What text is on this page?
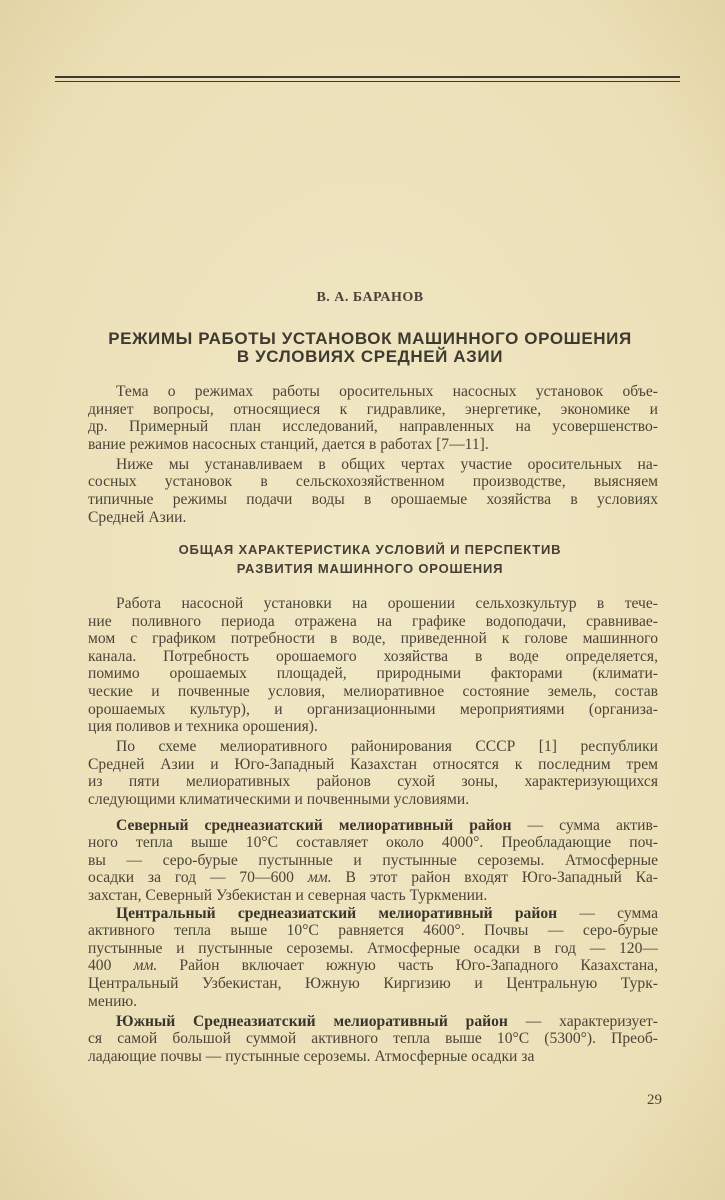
В. А. БАРАНОВ
РЕЖИМЫ РАБОТЫ УСТАНОВОК МАШИННОГО ОРОШЕНИЯ
В УСЛОВИЯХ СРЕДНЕЙ АЗИИ
Тема о режимах работы оросительных насосных установок объе-
диняет вопросы, относящиеся к гидравлике, энергетике, экономике и
др. Примерный план исследований, направленных на усовершенство-
вание режимов насосных станций, дается в работах [7—11].
Ниже мы устанавливаем в общих чертах участие оросительных на-
сосных установок в сельскохозяйственном производстве, выясняем
типичные режимы подачи воды в орошаемые хозяйства в условиях
Средней Азии.
ОБЩАЯ ХАРАКТЕРИСТИКА УСЛОВИЙ И ПЕРСПЕКТИВ
РАЗВИТИЯ МАШИННОГО ОРОШЕНИЯ
Работа насосной установки на орошении сельхозкультур в тече-
ние поливного периода отражена на графике водоподачи, сравнивае-
мом с графиком потребности в воде, приведенной к голове машинного
канала. Потребность орошаемого хозяйства в воде определяется,
помимо орошаемых площадей, природными факторами (климати-
ческие и почвенные условия, мелиоративное состояние земель, состав
орошаемых культур), и организационными мероприятиями (организа-
ция поливов и техника орошения).
По схеме мелиоративного районирования СССР [1] республики
Средней Азии и Юго-Западный Казахстан относятся к последним трем
из пяти мелиоративных районов сухой зоны, характеризующихся
следующими климатическими и почвенными условиями.
Северный среднеазиатский мелиоративный район — сумма актив-
ного тепла выше 10°С составляет около 4000°. Преобладающие поч-
вы — серо-бурые пустынные и пустынные сероземы. Атмосферные
осадки за год — 70—600 мм. В этот район входят Юго-Западный Ка-
захстан, Северный Узбекистан и северная часть Туркмении.
Центральный среднеазиатский мелиоративный район — сумма
активного тепла выше 10°С равняется 4600°. Почвы — серо-бурые
пустынные и пустынные сероземы. Атмосферные осадки в год — 120—
400 мм. Район включает южную часть Юго-Западного Казахстана,
Центральный Узбекистан, Южную Киргизию и Центральную Турк-
мению.
Южный Среднеазиатский мелиоративный район — характеризует-
ся самой большой суммой активного тепла выше 10°С (5300°). Преоб-
ладающие почвы — пустынные сероземы. Атмосферные осадки за
29
